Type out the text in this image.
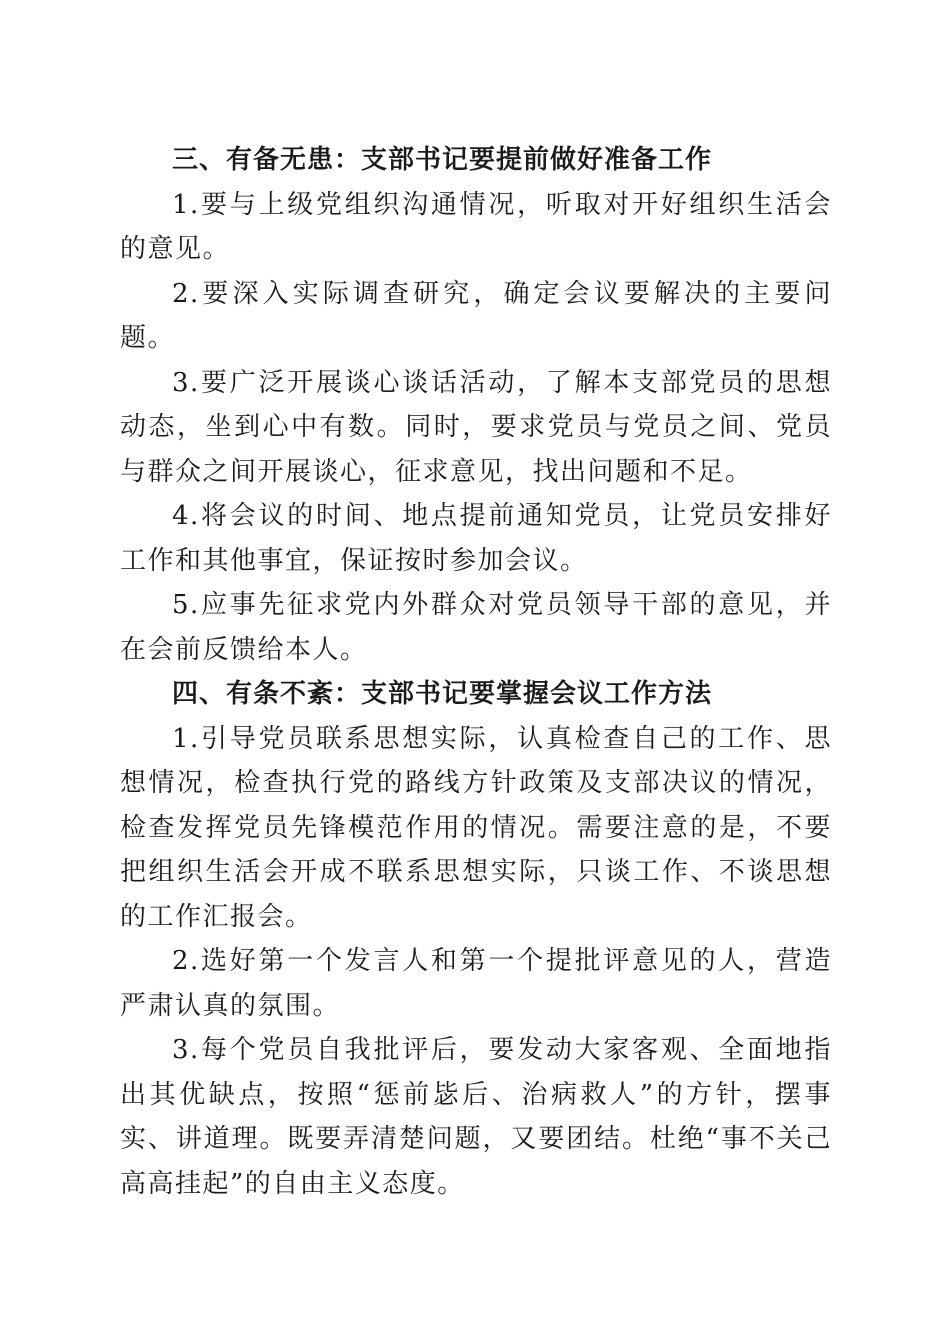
三、有备无患：支部书记要提前做好准备工作

1.要与上级党组织沟通情况，听取对开好组织生活会的意见。

2.要深入实际调查研究，确定会议要解决的主要问题。

3.要广泛开展谈心谈话活动，了解本支部党员的思想动态，坐到心中有数。同时，要求党员与党员之间、党员与群众之间开展谈心，征求意见，找出问题和不足。

4.将会议的时间、地点提前通知党员，让党员安排好工作和其他事宜，保证按时参加会议。

5.应事先征求党内外群众对党员领导干部的意见，并在会前反馈给本人。

四、有条不紊：支部书记要掌握会议工作方法

1.引导党员联系思想实际，认真检查自己的工作、思想情况，检查执行党的路线方针政策及支部决议的情况，检查发挥党员先锋模范作用的情况。需要注意的是，不要把组织生活会开成不联系思想实际，只谈工作、不谈思想的工作汇报会。

2.选好第一个发言人和第一个提批评意见的人，营造严肃认真的氛围。

3.每个党员自我批评后，要发动大家客观、全面地指出其优缺点，按照“惩前毖后、治病救人”的方针，摆事实、讲道理。既要弄清楚问题，又要团结。杜绝“事不关己高高挂起”的自由主义态度。
